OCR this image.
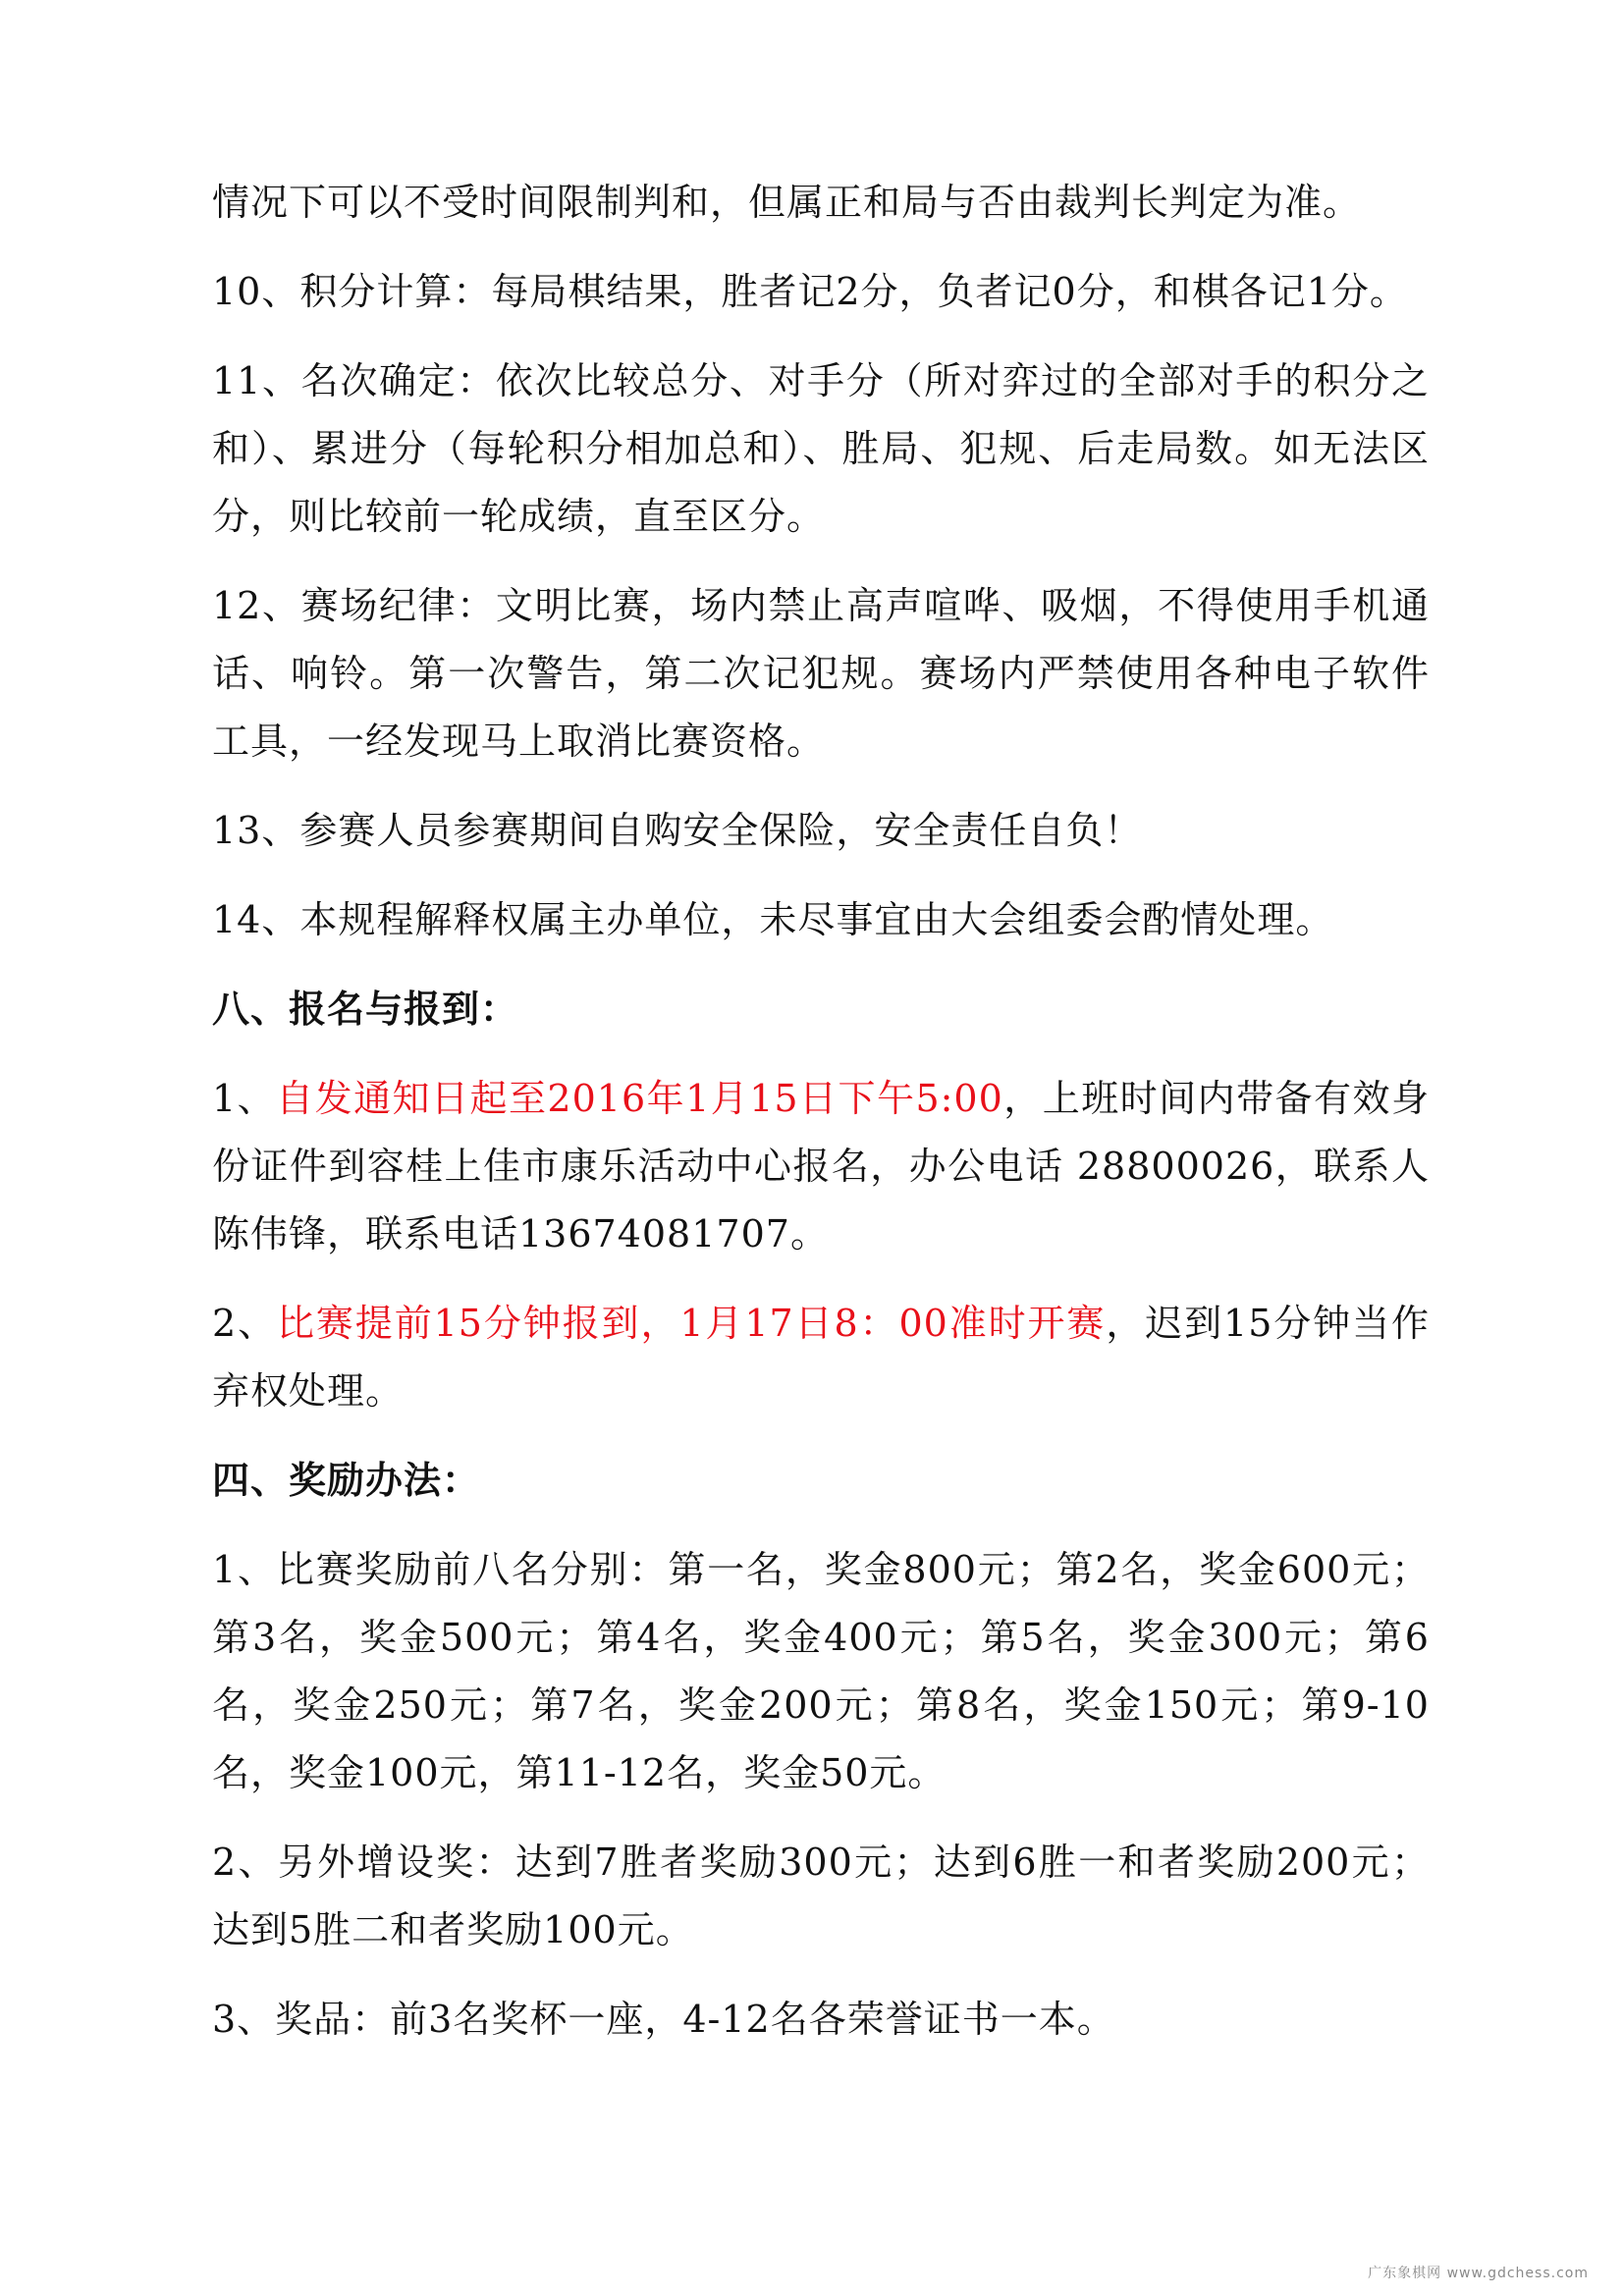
情况下可以不受时间限制判和，但属正和局与否由裁判长判定为准。

10、积分计算：每局棋结果，胜者记2分，负者记0分，和棋各记1分。

11、名次确定：依次比较总分、对手分（所对弈过的全部对手的积分之和）、累进分（每轮积分相加总和）、胜局、犯规、后走局数。如无法区分，则比较前一轮成绩，直至区分。

12、赛场纪律：文明比赛，场内禁止高声喧哗、吸烟，不得使用手机通话、响铃。第一次警告，第二次记犯规。赛场内严禁使用各种电子软件工具，一经发现马上取消比赛资格。

13、参赛人员参赛期间自购安全保险，安全责任自负！

14、本规程解释权属主办单位，未尽事宜由大会组委会酌情处理。

八、报名与报到：

1、自发通知日起至2016年1月15日下午5:00，上班时间内带备有效身份证件到容桂上佳市康乐活动中心报名，办公电话 28800026，联系人陈伟锋，联系电话13674081707。

2、比赛提前15分钟报到，1月17日8：00准时开赛，迟到15分钟当作弃权处理。

四、奖励办法：

1、比赛奖励前八名分别：第一名，奖金800元；第2名，奖金600元；第3名，奖金500元；第4名，奖金400元；第5名，奖金300元；第6名，奖金250元；第7名，奖金200元；第8名，奖金150元；第9-10名，奖金100元，第11-12名，奖金50元。

2、另外增设奖：达到7胜者奖励300元；达到6胜一和者奖励200元；达到5胜二和者奖励100元。

3、奖品：前3名奖杯一座，4-12名各荣誉证书一本。

广东象棋网 www.gdchess.com
